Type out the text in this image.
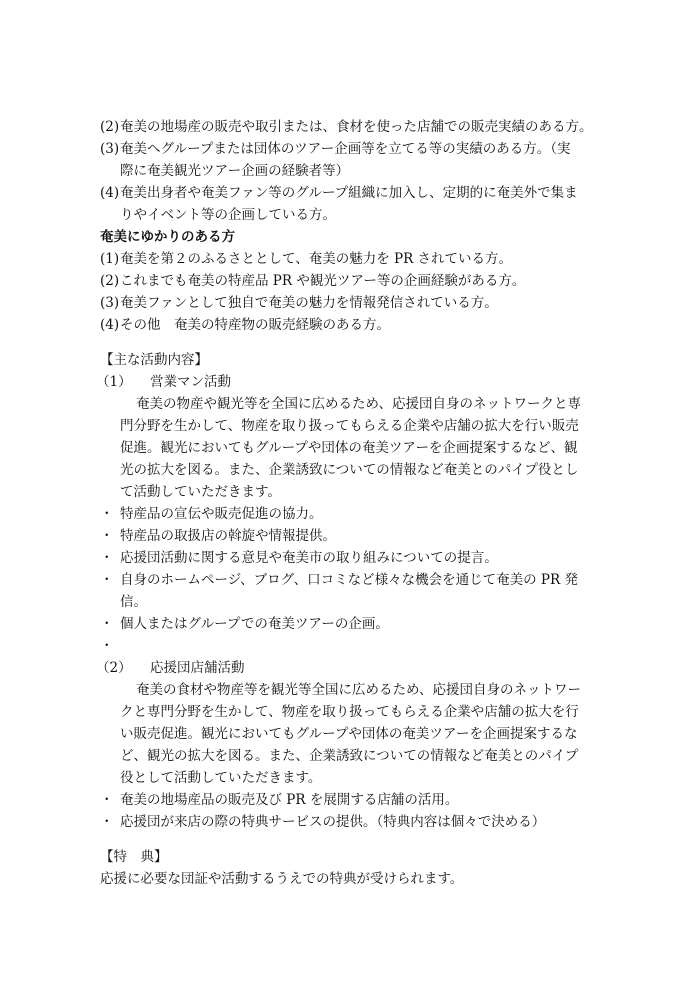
(2) 奄美の地場産の販売や取引または、食材を使った店舗での販売実績のある方。
(3) 奄美へグループまたは団体のツアー企画等を立てる等の実績のある方。（実
際に奄美観光ツアー企画の経験者等）
(4) 奄美出身者や奄美ファン等のグループ組織に加入し、定期的に奄美外で集ま
りやイベント等の企画している方。
奄美にゆかりのある方
(1) 奄美を第２のふるさととして、奄美の魅力を PR されている方。
(2) これまでも奄美の特産品 PR や観光ツアー等の企画経験がある方。
(3) 奄美ファンとして独自で奄美の魅力を情報発信されている方。
(4) その他　奄美の特産物の販売経験のある方。
【主な活動内容】
（1） 営業マン活動
奄美の物産や観光等を全国に広めるため、応援団自身のネットワークと専
門分野を生かして、物産を取り扱ってもらえる企業や店舗の拡大を行い販売
促進。観光においてもグループや団体の奄美ツアーを企画提案するなど、観
光の拡大を図る。また、企業誘致についての情報など奄美とのパイプ役とし
て活動していただきます。
・ 特産品の宣伝や販売促進の協力。
・ 特産品の取扱店の斡旋や情報提供。
・ 応援団活動に関する意見や奄美市の取り組みについての提言。
・ 自身のホームページ、ブログ、口コミなど様々な機会を通じて奄美の PR 発
信。
・ 個人またはグループでの奄美ツアーの企画。
・
（2） 応援団店舗活動
奄美の食材や物産等を観光等全国に広めるため、応援団自身のネットワー
クと専門分野を生かして、物産を取り扱ってもらえる企業や店舗の拡大を行
い販売促進。観光においてもグループや団体の奄美ツアーを企画提案するな
ど、観光の拡大を図る。また、企業誘致についての情報など奄美とのパイプ
役として活動していただきます。
・ 奄美の地場産品の販売及び PR を展開する店舗の活用。
・ 応援団が来店の際の特典サービスの提供。（特典内容は個々で決める）
【特　典】
応援に必要な団証や活動するうえでの特典が受けられます。
